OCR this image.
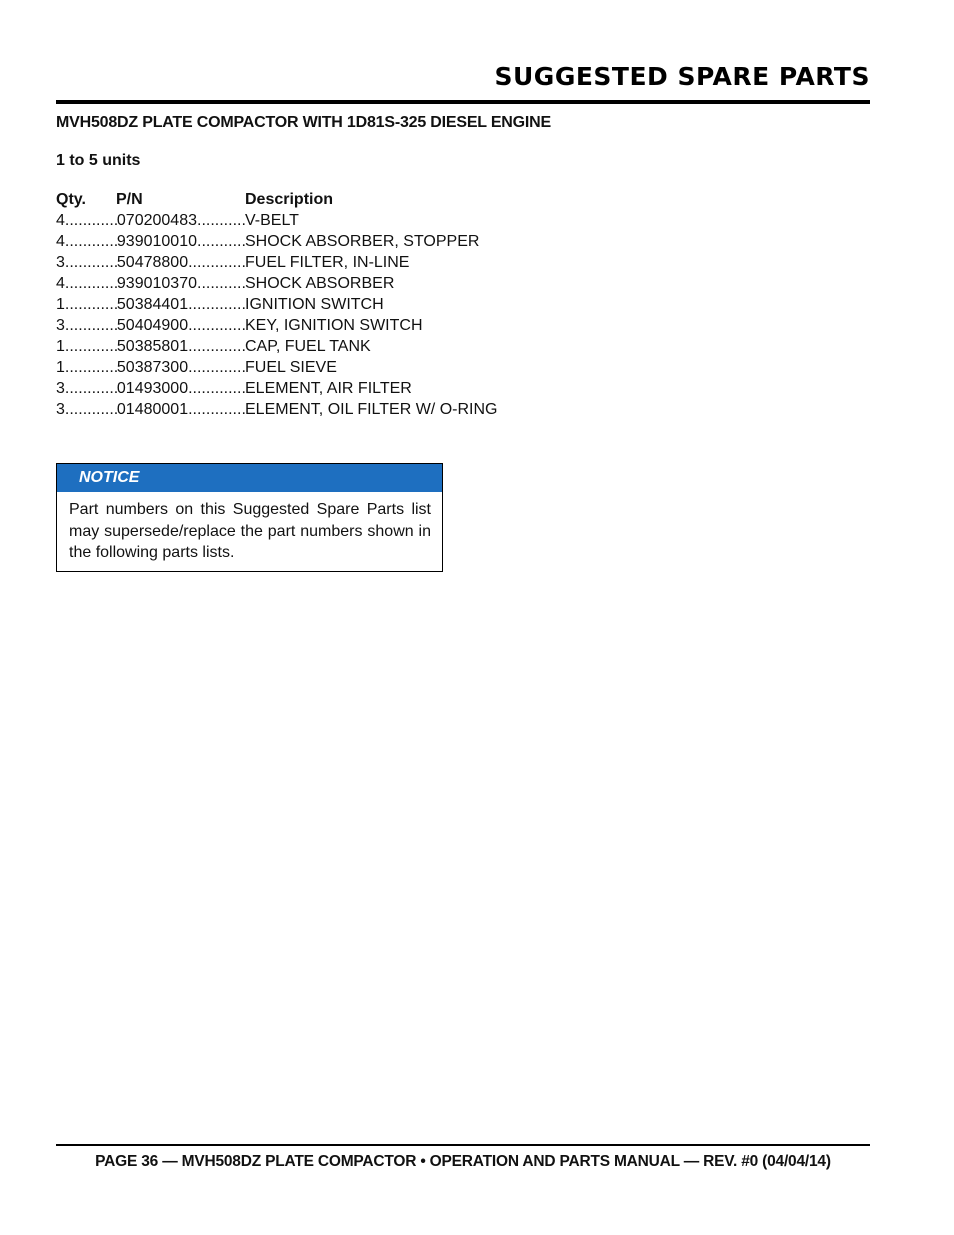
SUGGESTED SPARE PARTS
MVH508DZ PLATE COMPACTOR WITH 1D81S-325 DIESEL ENGINE
1 to 5 units
Qty.	P/N	Description
4 .....	070200483 .....	V-BELT
4 .....	939010010 .....	SHOCK ABSORBER, STOPPER
3 .....	50478800 .....	FUEL FILTER, IN-LINE
4 .....	939010370 .....	SHOCK ABSORBER
1 .....	50384401 .....	IGNITION SWITCH
3 .....	50404900 .....	KEY, IGNITION SWITCH
1 .....	50385801 .....	CAP, FUEL TANK
1 .....	50387300 .....	FUEL SIEVE
3 .....	01493000 .....	ELEMENT, AIR FILTER
3 .....	01480001 .....	ELEMENT, OIL FILTER W/ O-RING
NOTICE
Part numbers on this Suggested Spare Parts list may supersede/replace the part numbers shown in the following parts lists.

PAGE 36 — MVH508DZ PLATE COMPACTOR • OPERATION AND PARTS MANUAL — REV. #0 (04/04/14)
